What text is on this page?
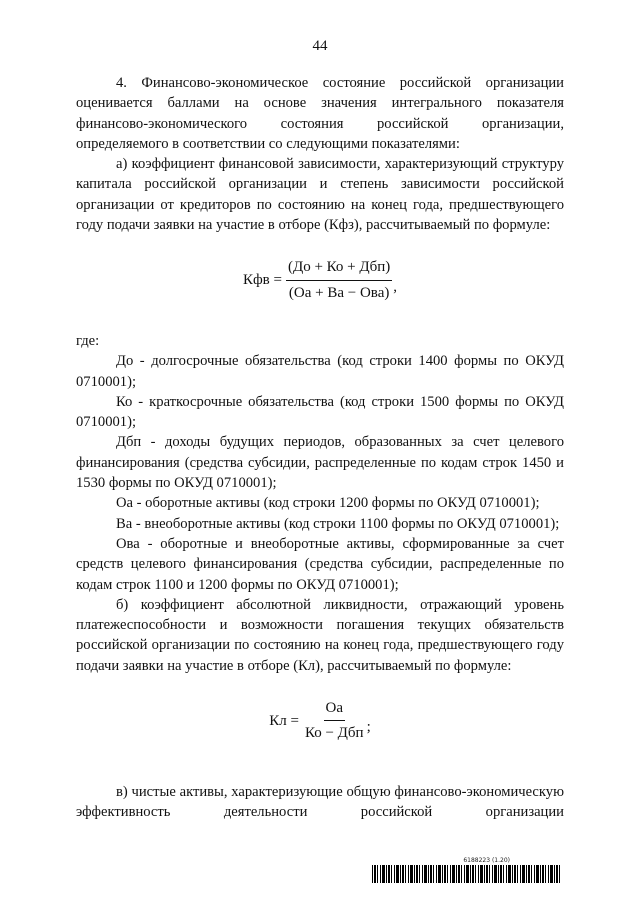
44

4. Финансово-экономическое состояние российской организации оценивается баллами на основе значения интегрального показателя финансово-экономического состояния российской организации, определяемого в соответствии со следующими показателями:

а) коэффициент финансовой зависимости, характеризующий структуру капитала российской организации и степень зависимости российской организации от кредиторов по состоянию на конец года, предшествующего году подачи заявки на участие в отборе (Кфз), рассчитываемый по формуле:

Кфв = $\frac{\text{(До + Ко + Дбп)}}{\text{(Оа + Ва − Ова)}}$ ,

где:

До - долгосрочные обязательства (код строки 1400 формы по ОКУД 0710001);

Ко - краткосрочные обязательства (код строки 1500 формы по ОКУД 0710001);

Дбп - доходы будущих периодов, образованных за счет целевого финансирования (средства субсидии, распределенные по кодам строк 1450 и 1530 формы по ОКУД 0710001);

Оа - оборотные активы (код строки 1200 формы по ОКУД 0710001);

Ва - внеоборотные активы (код строки 1100 формы по ОКУД 0710001);

Ова - оборотные и внеоборотные активы, сформированные за счет средств целевого финансирования (средства субсидии, распределенные по кодам строк 1100 и 1200 формы по ОКУД 0710001);

б) коэффициент абсолютной ликвидности, отражающий уровень платежеспособности и возможности погашения текущих обязательств российской организации по состоянию на конец года, предшествующего году подачи заявки на участие в отборе (Кл), рассчитываемый по формуле:

Кл = $\frac{Оа}{\text{Ко − Дбп}}$ ;

в) чистые активы, характеризующие общую финансово-экономическую эффективность деятельности российской организации

6188223 (1.20)
